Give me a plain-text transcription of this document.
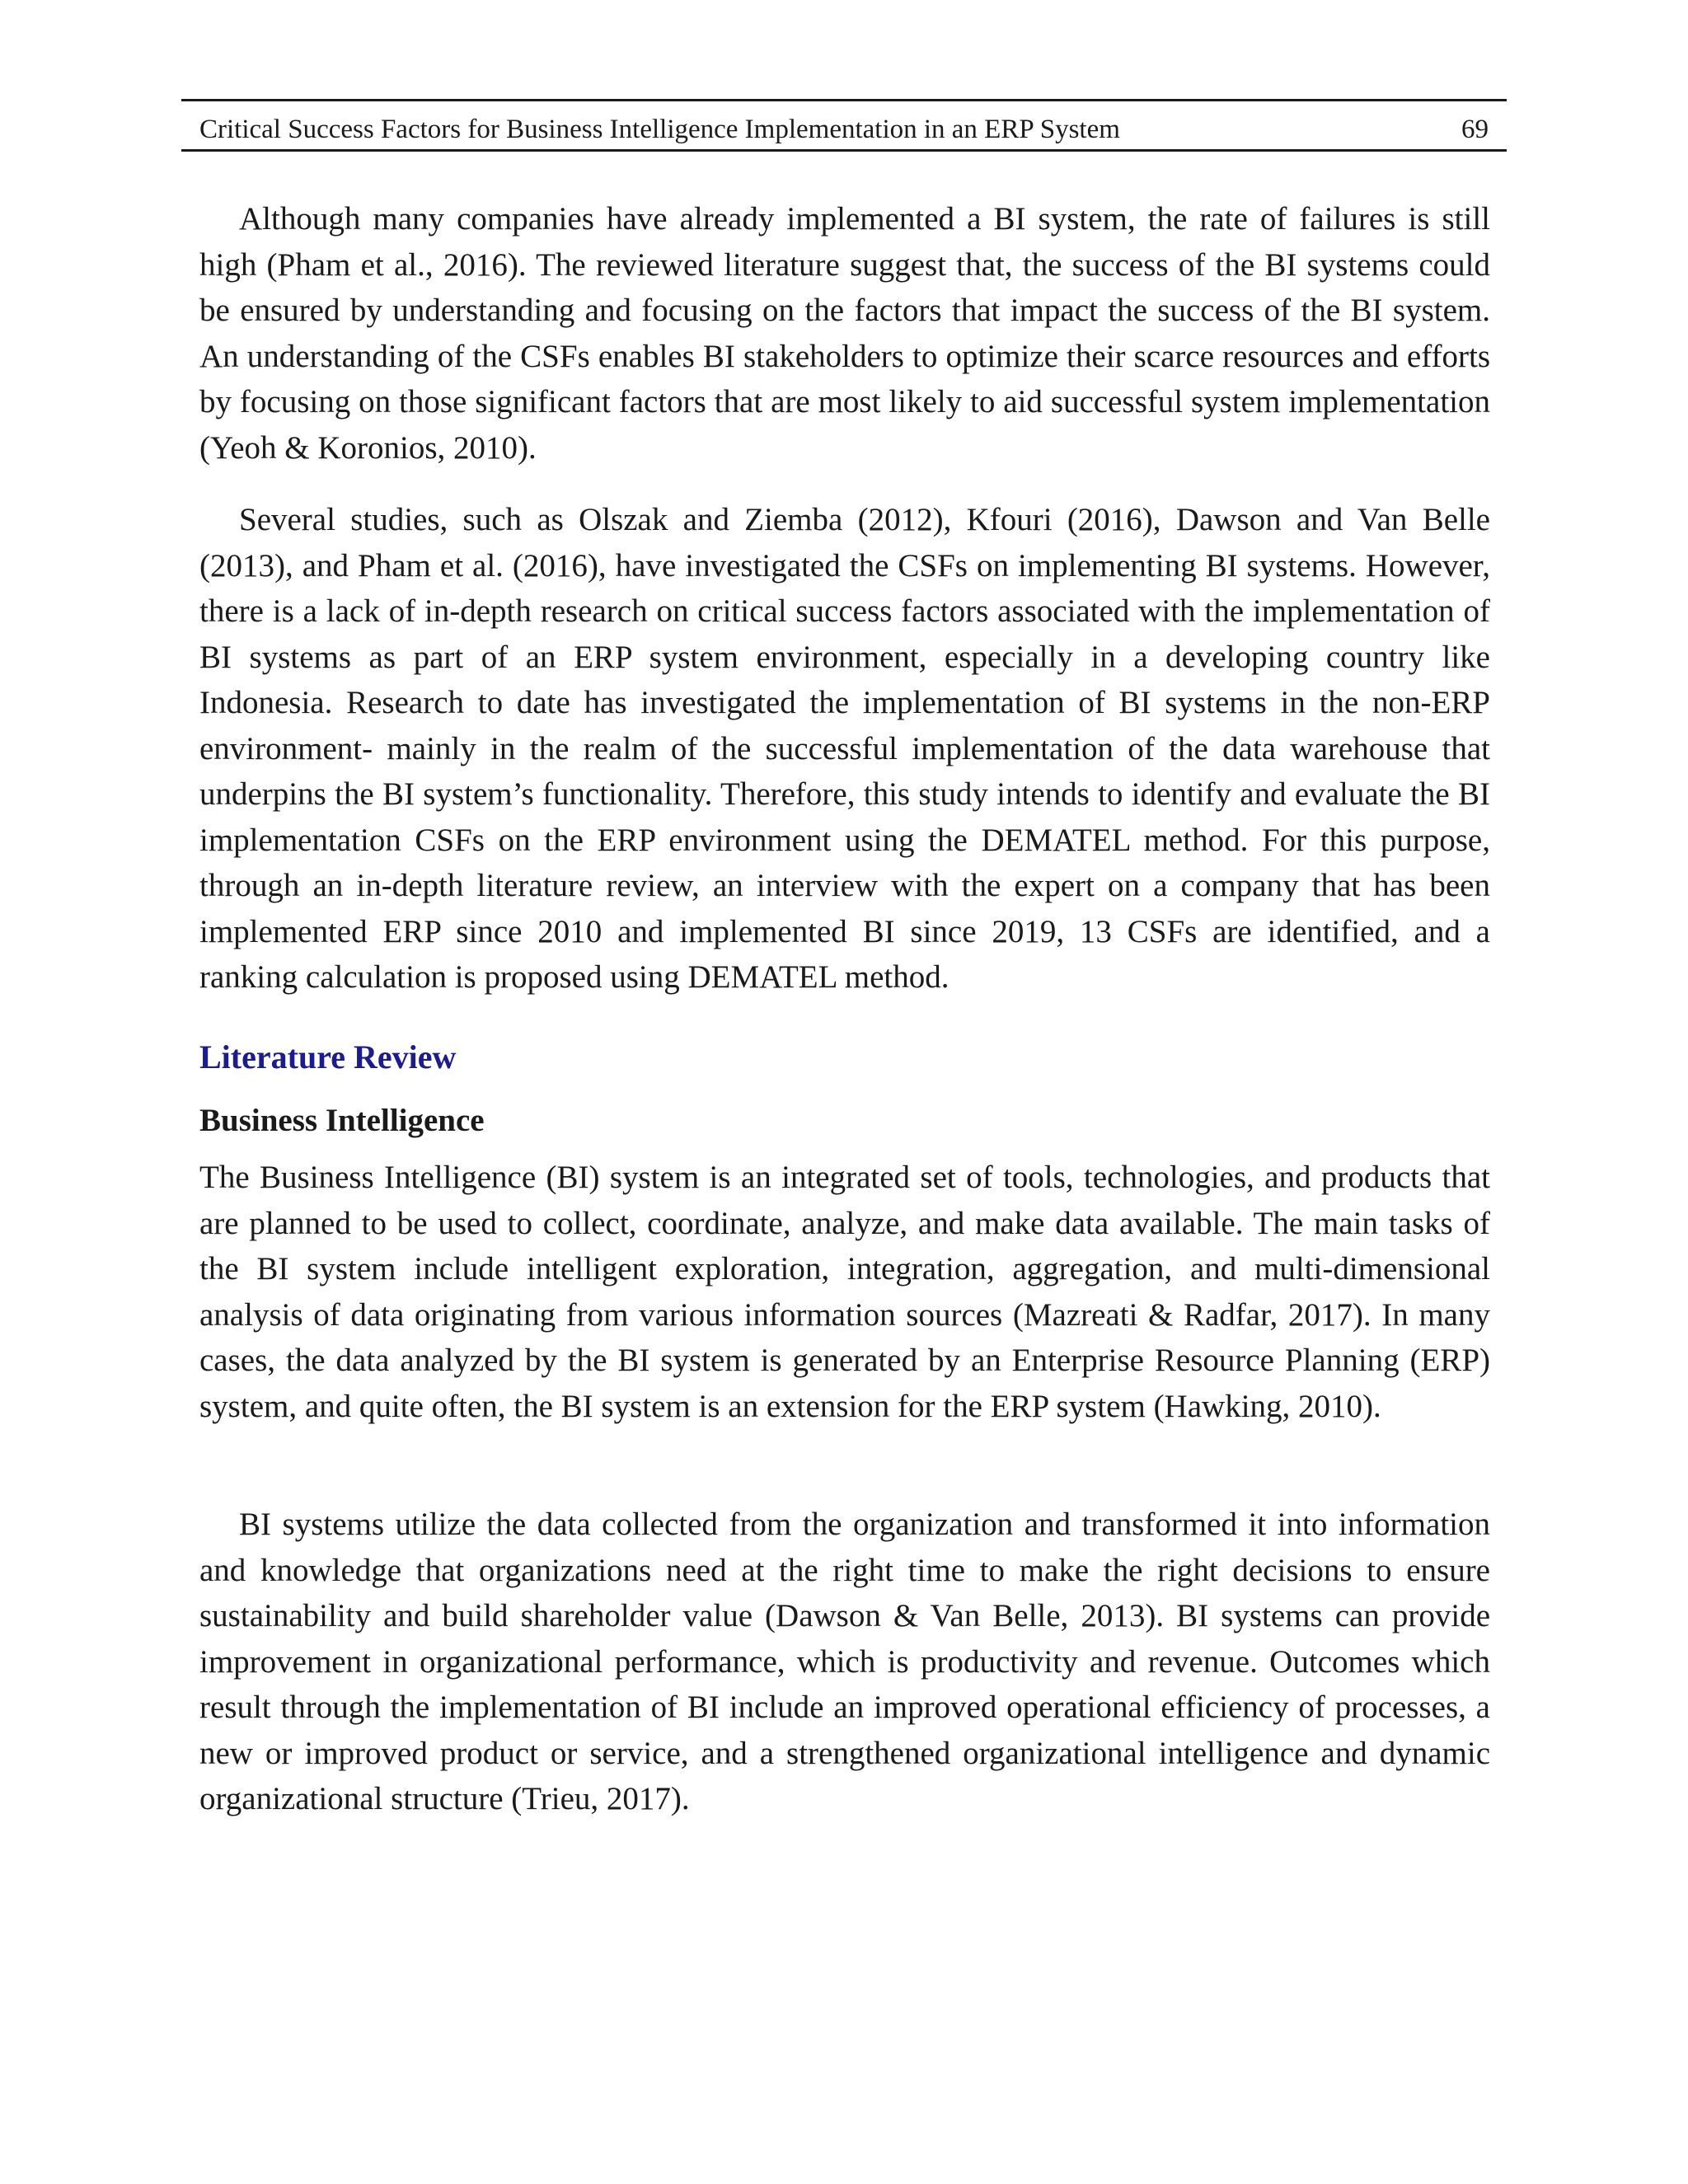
Critical Success Factors for Business Intelligence Implementation in an ERP System	69

Although many companies have already implemented a BI system, the rate of failures is still high (Pham et al., 2016). The reviewed literature suggest that, the success of the BI systems could be ensured by understanding and focusing on the factors that impact the success of the BI system. An understanding of the CSFs enables BI stakeholders to optimize their scarce resources and efforts by focusing on those significant factors that are most likely to aid successful system implementation (Yeoh & Koronios, 2010).

Several studies, such as Olszak and Ziemba (2012), Kfouri (2016), Dawson and Van Belle (2013), and Pham et al. (2016), have investigated the CSFs on implementing BI systems. However, there is a lack of in-depth research on critical success factors associated with the implementation of BI systems as part of an ERP system environment, especially in a developing country like Indonesia. Research to date has investigated the implementation of BI systems in the non-ERP environment- mainly in the realm of the successful implementation of the data warehouse that underpins the BI system’s functionality. Therefore, this study intends to identify and evaluate the BI implementation CSFs on the ERP environment using the DEMATEL method. For this purpose, through an in-depth literature review, an interview with the expert on a company that has been implemented ERP since 2010 and implemented BI since 2019, 13 CSFs are identified, and a ranking calculation is proposed using DEMATEL method.

Literature Review
Business Intelligence

The Business Intelligence (BI) system is an integrated set of tools, technologies, and products that are planned to be used to collect, coordinate, analyze, and make data available. The main tasks of the BI system include intelligent exploration, integration, aggregation, and multi-dimensional analysis of data originating from various information sources (Mazreati & Radfar, 2017). In many cases, the data analyzed by the BI system is generated by an Enterprise Resource Planning (ERP) system, and quite often, the BI system is an extension for the ERP system (Hawking, 2010).

BI systems utilize the data collected from the organization and transformed it into information and knowledge that organizations need at the right time to make the right decisions to ensure sustainability and build shareholder value (Dawson & Van Belle, 2013). BI systems can provide improvement in organizational performance, which is productivity and revenue. Outcomes which result through the implementation of BI include an improved operational efficiency of processes, a new or improved product or service, and a strengthened organizational intelligence and dynamic organizational structure (Trieu, 2017).
